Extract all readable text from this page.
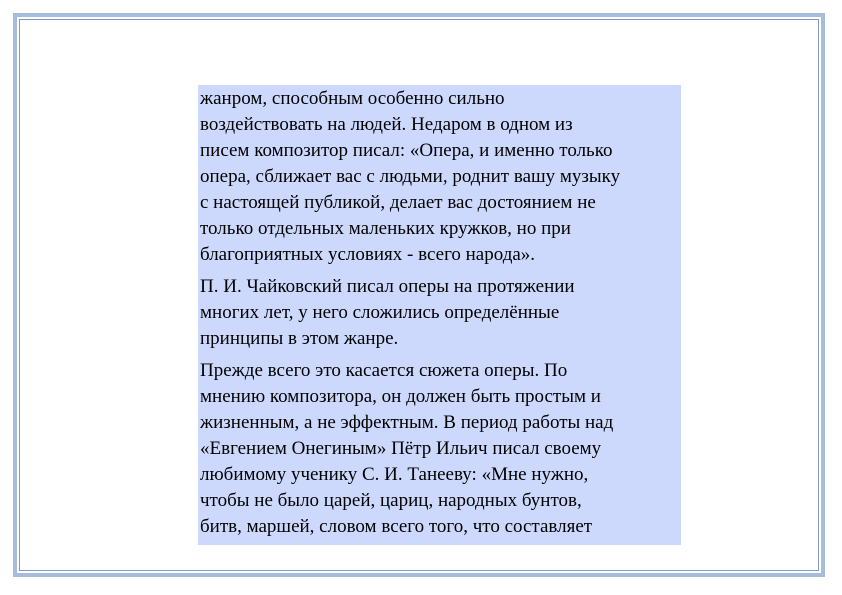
жанром, способным особенно сильно
воздействовать на людей. Недаром в одном из
писем композитор писал: «Опера, и именно только
опера, сближает вас с людьми, роднит вашу музыку
с настоящей публикой, делает вас достоянием не
только отдельных маленьких кружков, но при
благоприятных условиях - всего народа».

П. И. Чайковский писал оперы на протяжении
многих лет, у него сложились определённые
принципы в этом жанре.

Прежде всего это касается сюжета оперы. По
мнению композитора, он должен быть простым и
жизненным, а не эффектным. В период работы над
«Евгением Онегиным» Пётр Ильич писал своему
любимому ученику С. И. Танееву: «Мне нужно,
чтобы не было царей, цариц, народных бунтов,
битв, маршей, словом всего того, что составляет
